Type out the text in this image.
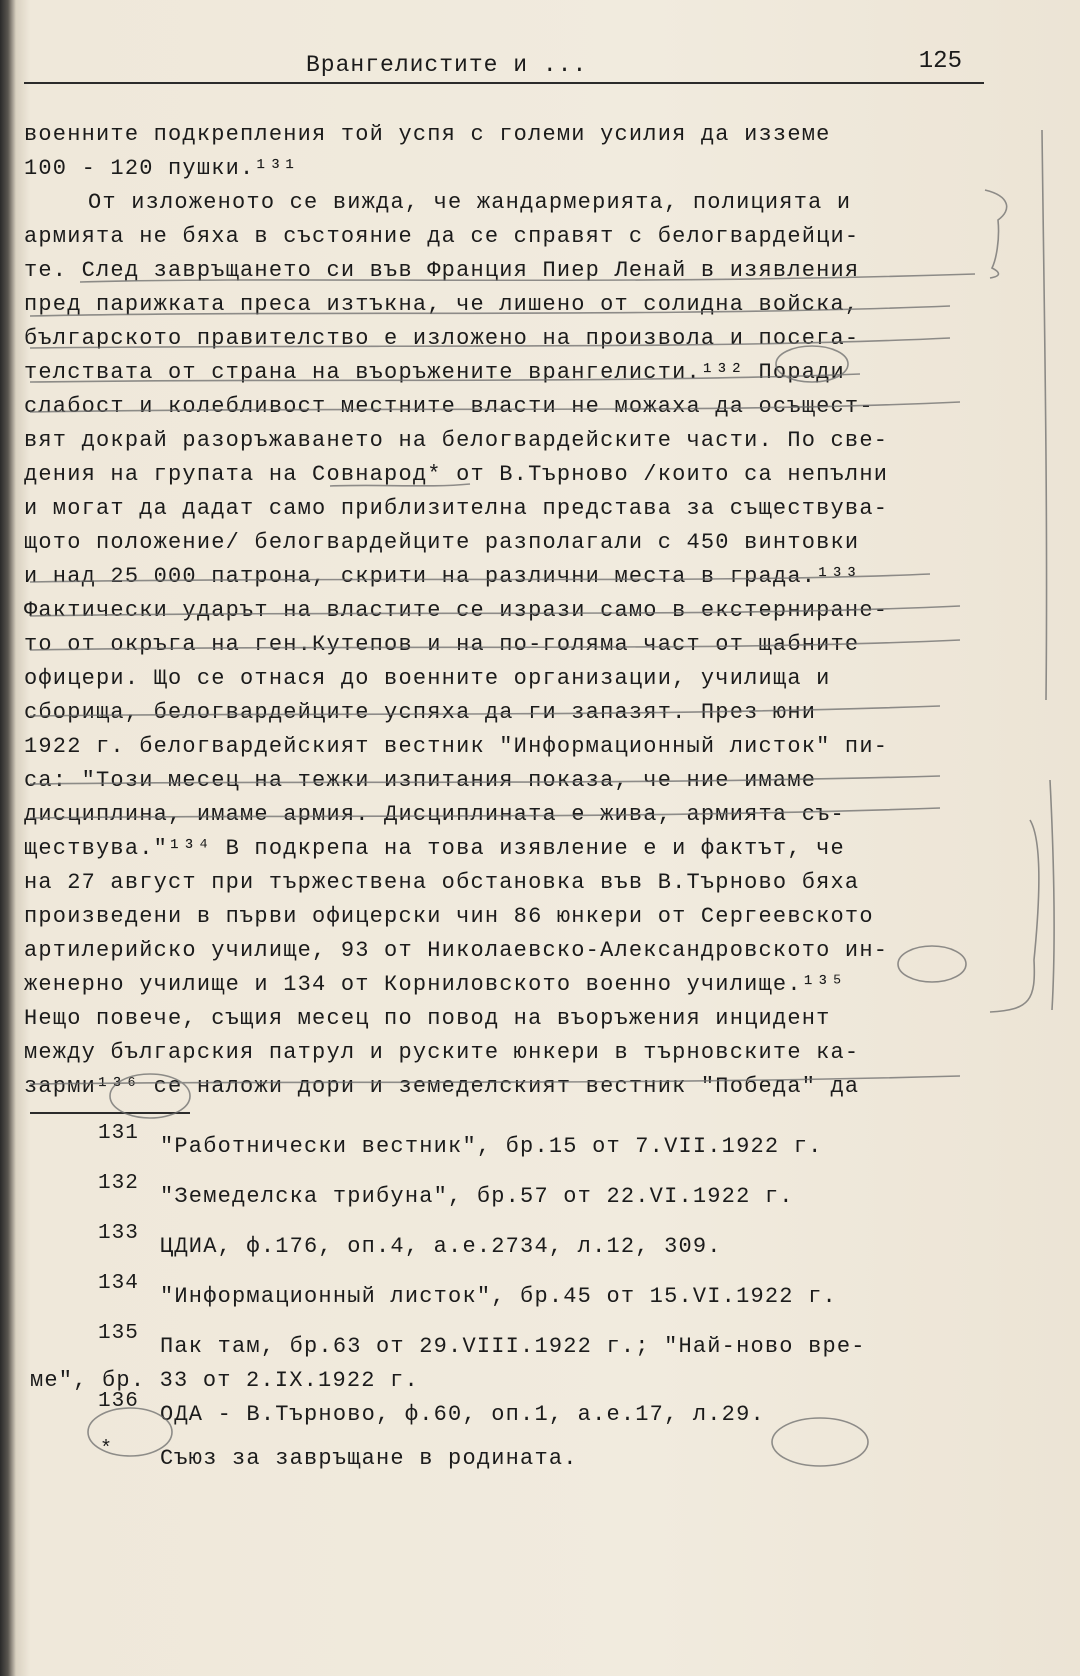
Врангелистите и ...	125
военните подкрепления той успя с големи усилия да изземе
100 - 120 пушки.¹³¹
От изложеното се вижда, че жандармерията, полицията и
армията не бяха в състояние да се справят с белогвардейци-
те. След завръщането си във Франция Пиер Ленай в изявления
пред парижката преса изтъкна, че лишено от солидна войска,
българското правителство е изложено на произвола и посега-
телствата от страна на въоръжените врангелисти.¹³² Поради
слабост и колебливост местните власти не можаха да осъщест-
вят докрай разоръжаването на белогвардейските части. По све-
дения на групата на Совнарод* от В.Търново /които са непълни
и могат да дадат само приблизителна представа за съществува-
щото положение/ белогвардейците разполагали с 450 винтовки
и над 25 000 патрона, скрити на различни места в града.¹³³
Фактически ударът на властите се изрази само в екстерниране-
то от окръга на ген.Кутепов и на по-голяма част от щабните
офицери. Що се отнася до военните организации, училища и
сборища, белогвардейците успяха да ги запазят. През юни
1922 г. белогвардейският вестник "Информационный листок" пи-
са: "Този месец на тежки изпитания показа, че ние имаме
дисциплина, имаме армия. Дисциплината е жива, армията съ-
ществува."¹³⁴ В подкрепа на това изявление е и фактът, че
на 27 август при тържествена обстановка във В.Търново бяха
произведени в първи офицерски чин 86 юнкери от Сергеевското
артилерийско училище, 93 от Николаевско-Александровското ин-
женерно училище и 134 от Корниловското военно училище.¹³⁵
Нещо повече, същия месец по повод на въоръжения инцидент
между българския патрул и руските юнкери в търновските ка-
зарми¹³⁶ се наложи дори и земеделският вестник "Победа" да
131
"Работнически вестник", бр.15 от 7.VII.1922 г.
132
"Земеделска трибуна", бр.57 от 22.VI.1922 г.
133
ЦДИА, ф.176, оп.4, а.е.2734, л.12, 309.
134
"Информационный листок", бр.45 от 15.VI.1922 г.
135
Пак там, бр.63 от 29.VIII.1922 г.; "Най-ново вре-
ме", бр. 33 от 2.IX.1922 г.
136
ОДА - В.Търново, ф.60, оп.1, а.е.17, л.29.
* Съюз за завръщане в родината.
